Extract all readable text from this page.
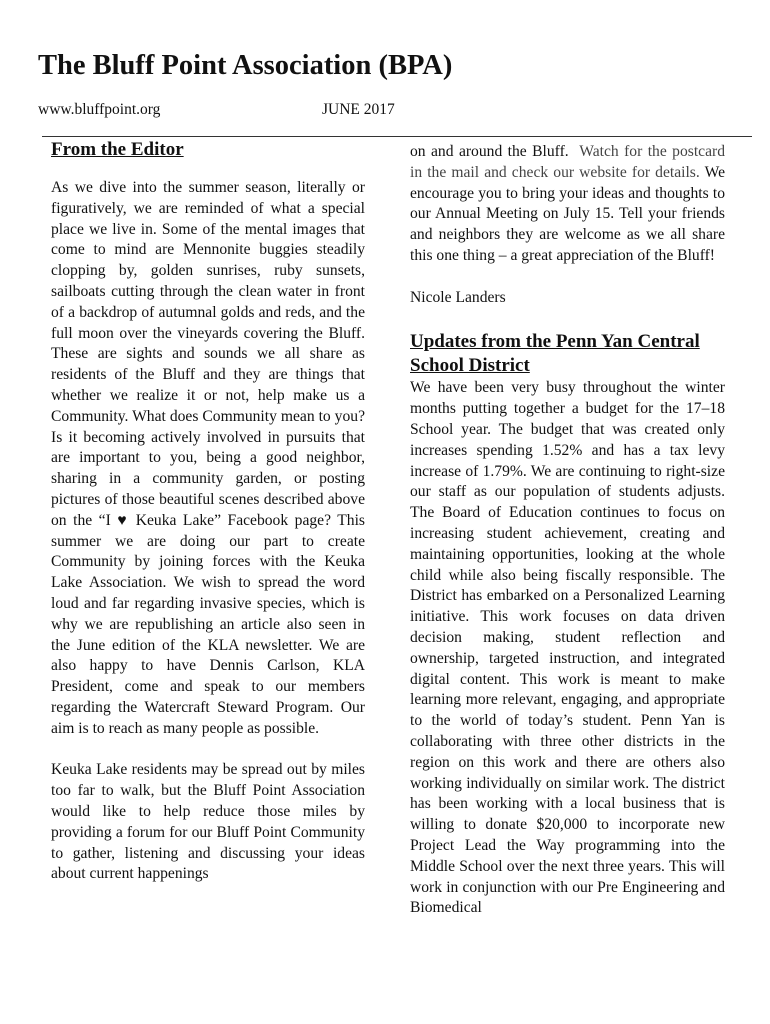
The Bluff Point Association (BPA)
www.bluffpoint.org	JUNE 2017
From the Editor

As we dive into the summer season, literally or figuratively, we are reminded of what a special place we live in. Some of the mental images that come to mind are Mennonite buggies steadily clopping by, golden sunrises, ruby sunsets, sailboats cutting through the clean water in front of a backdrop of autumnal golds and reds, and the full moon over the vineyards covering the Bluff. These are sights and sounds we all share as residents of the Bluff and they are things that whether we realize it or not, help make us a Community. What does Community mean to you? Is it becoming actively involved in pursuits that are important to you, being a good neighbor, sharing in a community garden, or posting pictures of those beautiful scenes described above on the “I ♥ Keuka Lake” Facebook page? This summer we are doing our part to create Community by joining forces with the Keuka Lake Association. We wish to spread the word loud and far regarding invasive species, which is why we are republishing an article also seen in the June edition of the KLA newsletter. We are also happy to have Dennis Carlson, KLA President, come and speak to our members regarding the Watercraft Steward Program. Our aim is to reach as many people as possible.

Keuka Lake residents may be spread out by miles too far to walk, but the Bluff Point Association would like to help reduce those miles by providing a forum for our Bluff Point Community to gather, listening and discussing your ideas about current happenings

on and around the Bluff. Watch for the postcard in the mail and check our website for details. We encourage you to bring your ideas and thoughts to our Annual Meeting on July 15. Tell your friends and neighbors they are welcome as we all share this one thing – a great appreciation of the Bluff!

Nicole Landers

Updates from the Penn Yan Central School District

We have been very busy throughout the winter months putting together a budget for the 17–18 School year. The budget that was created only increases spending 1.52% and has a tax levy increase of 1.79%. We are continuing to right-size our staff as our population of students adjusts. The Board of Education continues to focus on increasing student achievement, creating and maintaining opportunities, looking at the whole child while also being fiscally responsible. The District has embarked on a Personalized Learning initiative. This work focuses on data driven decision making, student reflection and ownership, targeted instruction, and integrated digital content. This work is meant to make learning more relevant, engaging, and appropriate to the world of today’s student. Penn Yan is collaborating with three other districts in the region on this work and there are others also working individually on similar work. The district has been working with a local business that is willing to donate $20,000 to incorporate new Project Lead the Way programming into the Middle School over the next three years. This will work in conjunction with our Pre Engineering and Biomedical
